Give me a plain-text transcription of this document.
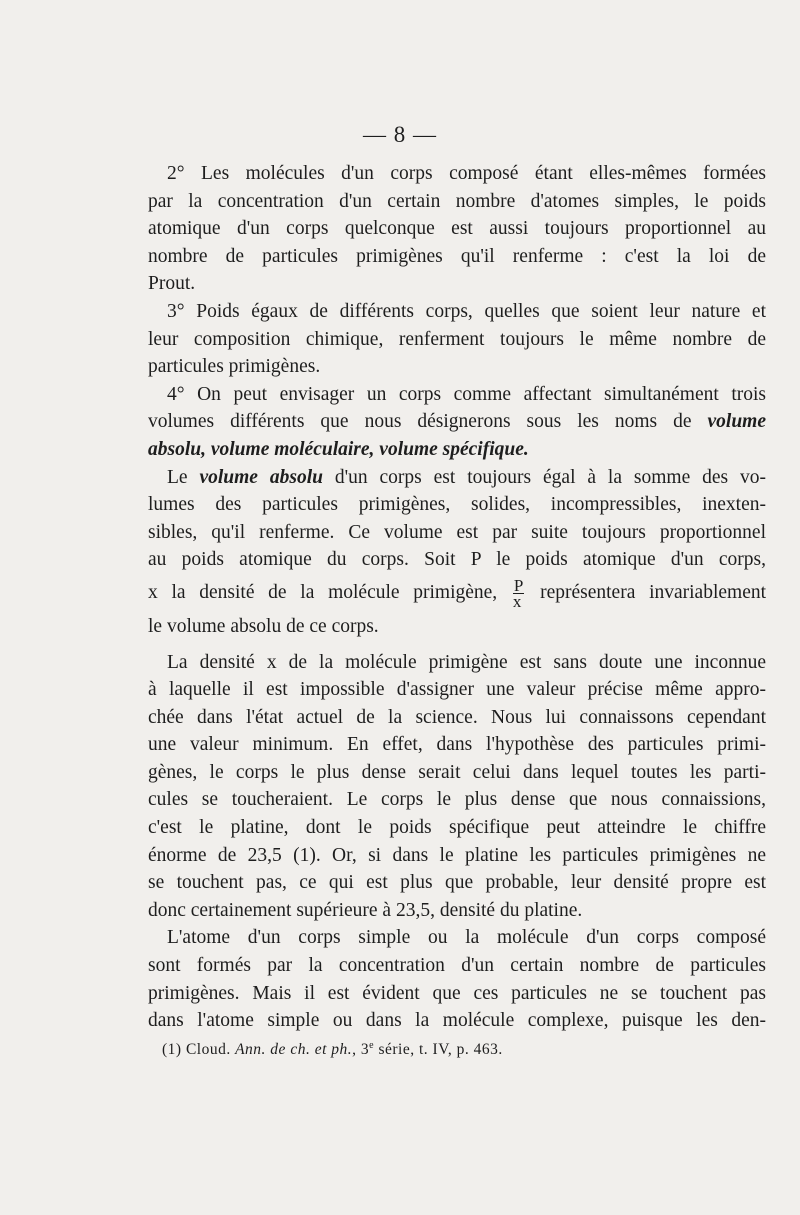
— 8 —

2° Les molécules d'un corps composé étant elles-mêmes formées

par la concentration d'un certain nombre d'atomes simples, le poids

atomique d'un corps quelconque est aussi toujours proportionnel au

nombre de particules primigènes qu'il renferme : c'est la loi de

Prout.

3° Poids égaux de différents corps, quelles que soient leur nature et

leur composition chimique, renferment toujours le même nombre de

particules primigènes.

4° On peut envisager un corps comme affectant simultanément trois

volumes différents que nous désignerons sous les noms de volume

absolu, volume moléculaire, volume spécifique.

Le volume absolu d'un corps est toujours égal à la somme des vo-

lumes des particules primigènes, solides, incompressibles, inexten-

sibles, qu'il renferme. Ce volume est par suite toujours proportionnel

au poids atomique du corps. Soit P le poids atomique d'un corps,

x la densité de la molécule primigène, $\frac{P}{x}$ représentera invariablement

le volume absolu de ce corps.

La densité x de la molécule primigène est sans doute une inconnue

à laquelle il est impossible d'assigner une valeur précise même appro-

chée dans l'état actuel de la science. Nous lui connaissons cependant

une valeur minimum. En effet, dans l'hypothèse des particules primi-

gènes, le corps le plus dense serait celui dans lequel toutes les parti-

cules se toucheraient. Le corps le plus dense que nous connaissions,

c'est le platine, dont le poids spécifique peut atteindre le chiffre

énorme de 23,5 (1). Or, si dans le platine les particules primigènes ne

se touchent pas, ce qui est plus que probable, leur densité propre est

donc certainement supérieure à 23,5, densité du platine.

L'atome d'un corps simple ou la molécule d'un corps composé

sont formés par la concentration d'un certain nombre de particules

primigènes. Mais il est évident que ces particules ne se touchent pas

dans l'atome simple ou dans la molécule complexe, puisque les den-

(1) Cloud. Ann. de ch. et ph., 3e série, t. IV, p. 463.
